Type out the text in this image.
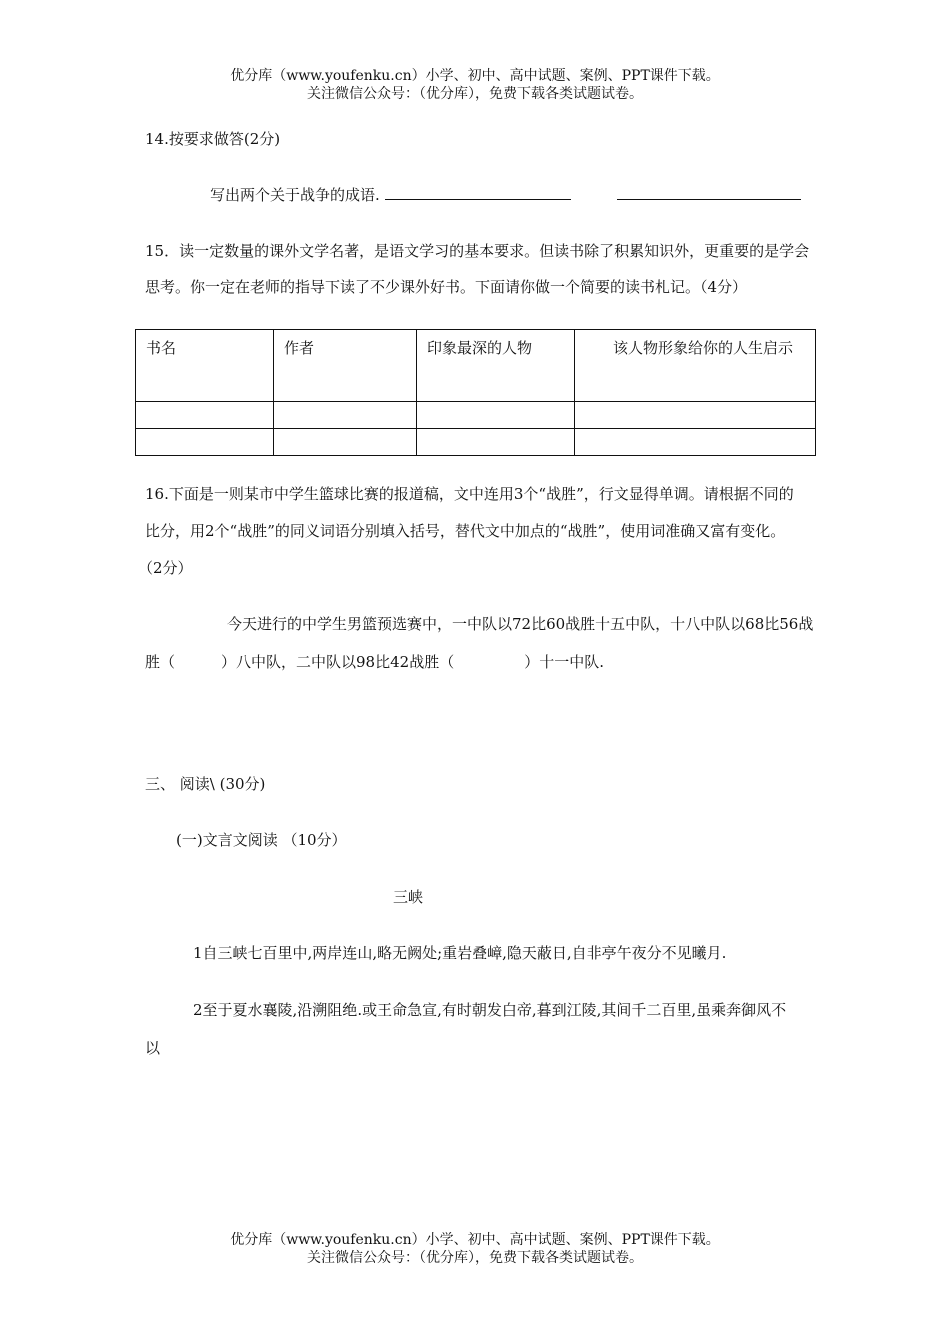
优分库（www.youfenku.cn）小学、初中、高中试题、案例、PPT课件下载。
关注微信公众号：（优分库），免费下载各类试题试卷。
14.按要求做答(2分)
写出两个关于战争的成语.
15．读一定数量的课外文学名著，是语文学习的基本要求。但读书除了积累知识外，更重要的是学会
思考。你一定在老师的指导下读了不少课外好书。下面请你做一个简要的读书札记。（4分）
书名	作者	印象最深的人物	该人物形象给你的人生启示

16.下面是一则某市中学生篮球比赛的报道稿，文中连用3个“战胜”，行文显得单调。请根据不同的
比分，用2个“战胜”的同义词语分别填入括号，替代文中加点的“战胜”，使用词准确又富有变化。
（2分）
今天进行的中学生男篮预选赛中，一中队以72比60战胜十五中队，十八中队以68比56战
胜（	）八中队，二中队以98比42战胜（	）十一中队.
三、 阅读\ (30分)
(一)文言文阅读 （10分）
三峡
1自三峡七百里中,两岸连山,略无阙处;重岩叠嶂,隐天蔽日,自非亭午夜分不见曦月.
2至于夏水襄陵,沿溯阻绝.或王命急宣,有时朝发白帝,暮到江陵,其间千二百里,虽乘奔御风不
以
优分库（www.youfenku.cn）小学、初中、高中试题、案例、PPT课件下载。
关注微信公众号：（优分库），免费下载各类试题试卷。
